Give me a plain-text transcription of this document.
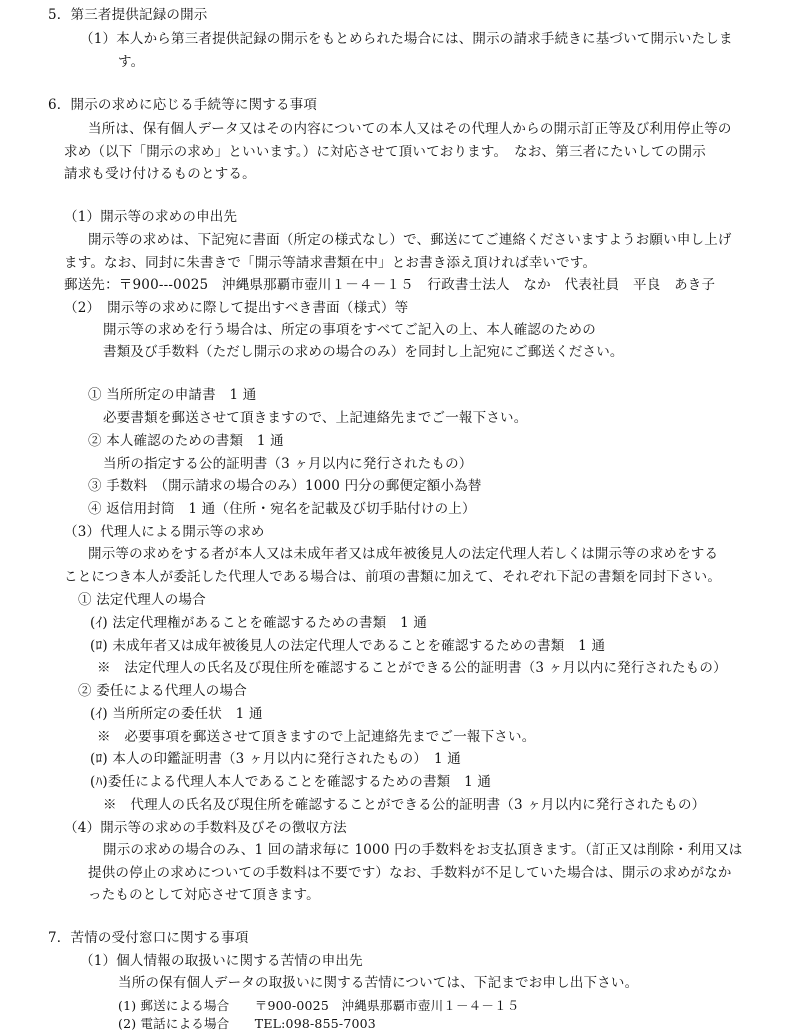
5．第三者提供記録の開示
（1）本人から第三者提供記録の開示をもとめられた場合には、開示の請求手続きに基づいて開示いたしま
す。
6．開示の求めに応じる手続等に関する事項
当所は、保有個人データ又はその内容についての本人又はその代理人からの開示訂正等及び利用停止等の
求め（以下「開示の求め」といいます。）に対応させて頂いております。　なお、第三者にたいしての開示
請求も受け付けるものとする。
（1）開示等の求めの申出先
開示等の求めは、下記宛に書面（所定の様式なし）で、郵送にてご連絡くださいますようお願い申し上げ
ます。なお、同封に朱書きで「開示等請求書類在中」とお書き添え頂ければ幸いです。
郵送先：〒900‐‐‐0025　沖縄県那覇市壺川１－４－１５　行政書士法人　なか　代表社員　平良　あき子
（2）　開示等の求めに際して提出すべき書面（様式）等
開示等の求めを行う場合は、所定の事項をすべてご記入の上、本人確認のための
書類及び手数料（ただし開示の求めの場合のみ）を同封し上記宛にご郵送ください。
① 当所所定の申請書　1 通
必要書類を郵送させて頂きますので、上記連絡先までご一報下さい。
② 本人確認のための書類　1 通
当所の指定する公的証明書（3 ヶ月以内に発行されたもの）
③ 手数料　（開示請求の場合のみ）1000 円分の郵便定額小為替
④ 返信用封筒　1 通（住所・宛名を記載及び切手貼付けの上）
（3）代理人による開示等の求め
開示等の求めをする者が本人又は未成年者又は成年被後見人の法定代理人若しくは開示等の求めをする
ことにつき本人が委託した代理人である場合は、前項の書類に加えて、それぞれ下記の書類を同封下さい。
① 法定代理人の場合
(ｲ) 法定代理権があることを確認するための書類　1 通
(ﾛ) 未成年者又は成年被後見人の法定代理人であることを確認するための書類　1 通
※　法定代理人の氏名及び現住所を確認することができる公的証明書（3 ヶ月以内に発行されたもの）
② 委任による代理人の場合
(ｲ) 当所所定の委任状　1 通
※　必要事項を郵送させて頂きますので上記連絡先までご一報下さい。
(ﾛ) 本人の印鑑証明書（3 ヶ月以内に発行されたもの）　1 通
(ﾊ)委任による代理人本人であることを確認するための書類　1 通
※　代理人の氏名及び現住所を確認することができる公的証明書（3 ヶ月以内に発行されたもの）
（4）開示等の求めの手数料及びその徴収方法
開示の求めの場合のみ、1 回の請求毎に 1000 円の手数料をお支払頂きます。（訂正又は削除・利用又は
提供の停止の求めについての手数料は不要です）なお、手数料が不足していた場合は、開示の求めがなか
ったものとして対応させて頂きます。
7．苦情の受付窓口に関する事項
（1）個人情報の取扱いに関する苦情の申出先
当所の保有個人データの取扱いに関する苦情については、下記までお申し出下さい。
(1) 郵送による場合　　〒900-0025　沖縄県那覇市壺川１－４－１５
(2) 電話による場合　　TEL:098-855-7003
